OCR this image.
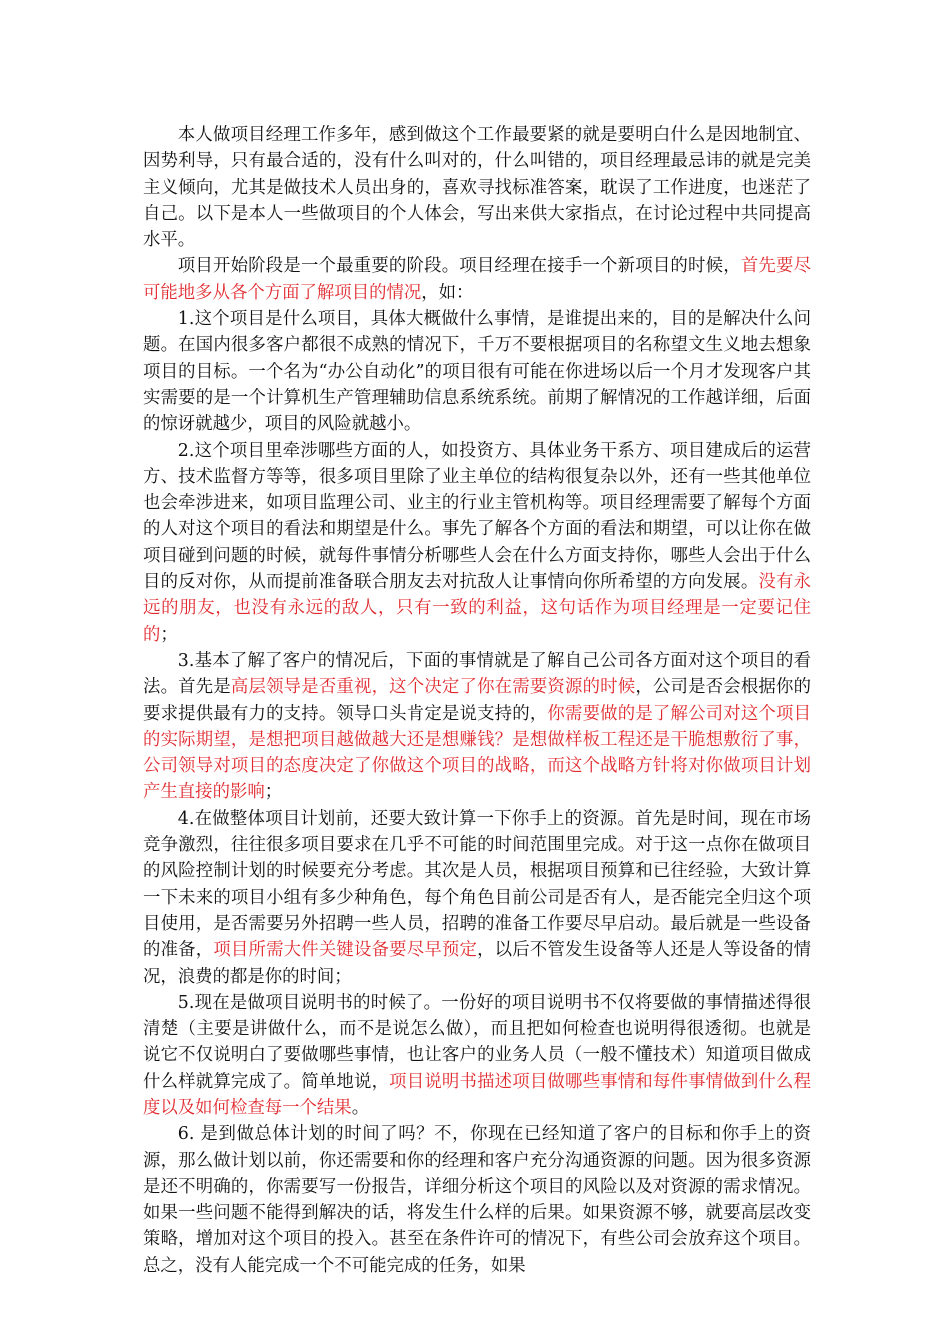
本人做项目经理工作多年，感到做这个工作最要紧的就是要明白什么是因地制宜、因势利导，只有最合适的，没有什么叫对的，什么叫错的，项目经理最忌讳的就是完美主义倾向，尤其是做技术人员出身的，喜欢寻找标准答案，耽误了工作进度，也迷茫了自己。以下是本人一些做项目的个人体会，写出来供大家指点，在讨论过程中共同提高水平。

项目开始阶段是一个最重要的阶段。项目经理在接手一个新项目的时候，首先要尽可能地多从各个方面了解项目的情况，如：

1.这个项目是什么项目，具体大概做什么事情，是谁提出来的，目的是解决什么问题。在国内很多客户都很不成熟的情况下，千万不要根据项目的名称望文生义地去想象项目的目标。一个名为“办公自动化”的项目很有可能在你进场以后一个月才发现客户其实需要的是一个计算机生产管理辅助信息系统系统。前期了解情况的工作越详细，后面的惊讶就越少，项目的风险就越小。

2.这个项目里牵涉哪些方面的人，如投资方、具体业务干系方、项目建成后的运营方、技术监督方等等，很多项目里除了业主单位的结构很复杂以外，还有一些其他单位也会牵涉进来，如项目监理公司、业主的行业主管机构等。项目经理需要了解每个方面的人对这个项目的看法和期望是什么。事先了解各个方面的看法和期望，可以让你在做项目碰到问题的时候，就每件事情分析哪些人会在什么方面支持你，哪些人会出于什么目的反对你，从而提前准备联合朋友去对抗敌人让事情向你所希望的方向发展。没有永远的朋友，也没有永远的敌人，只有一致的利益，这句话作为项目经理是一定要记住的；

3.基本了解了客户的情况后，下面的事情就是了解自己公司各方面对这个项目的看法。首先是高层领导是否重视，这个决定了你在需要资源的时候，公司是否会根据你的要求提供最有力的支持。领导口头肯定是说支持的，你需要做的是了解公司对这个项目的实际期望，是想把项目越做越大还是想赚钱？是想做样板工程还是干脆想敷衍了事，公司领导对项目的态度决定了你做这个项目的战略，而这个战略方针将对你做项目计划产生直接的影响；

4.在做整体项目计划前，还要大致计算一下你手上的资源。首先是时间，现在市场竞争激烈，往往很多项目要求在几乎不可能的时间范围里完成。对于这一点你在做项目的风险控制计划的时候要充分考虑。其次是人员，根据项目预算和已往经验，大致计算一下未来的项目小组有多少种角色，每个角色目前公司是否有人，是否能完全归这个项目使用，是否需要另外招聘一些人员，招聘的准备工作要尽早启动。最后就是一些设备的准备，项目所需大件关键设备要尽早预定，以后不管发生设备等人还是人等设备的情况，浪费的都是你的时间；

5.现在是做项目说明书的时候了。一份好的项目说明书不仅将要做的事情描述得很清楚（主要是讲做什么，而不是说怎么做），而且把如何检查也说明得很透彻。也就是说它不仅说明白了要做哪些事情，也让客户的业务人员（一般不懂技术）知道项目做成什么样就算完成了。简单地说，项目说明书描述项目做哪些事情和每件事情做到什么程度以及如何检查每一个结果。

6. 是到做总体计划的时间了吗？不，你现在已经知道了客户的目标和你手上的资源，那么做计划以前，你还需要和你的经理和客户充分沟通资源的问题。因为很多资源是还不明确的，你需要写一份报告，详细分析这个项目的风险以及对资源的需求情况。如果一些问题不能得到解决的话，将发生什么样的后果。如果资源不够，就要高层改变策略，增加对这个项目的投入。甚至在条件许可的情况下，有些公司会放弃这个项目。总之，没有人能完成一个不可能完成的任务，如果
